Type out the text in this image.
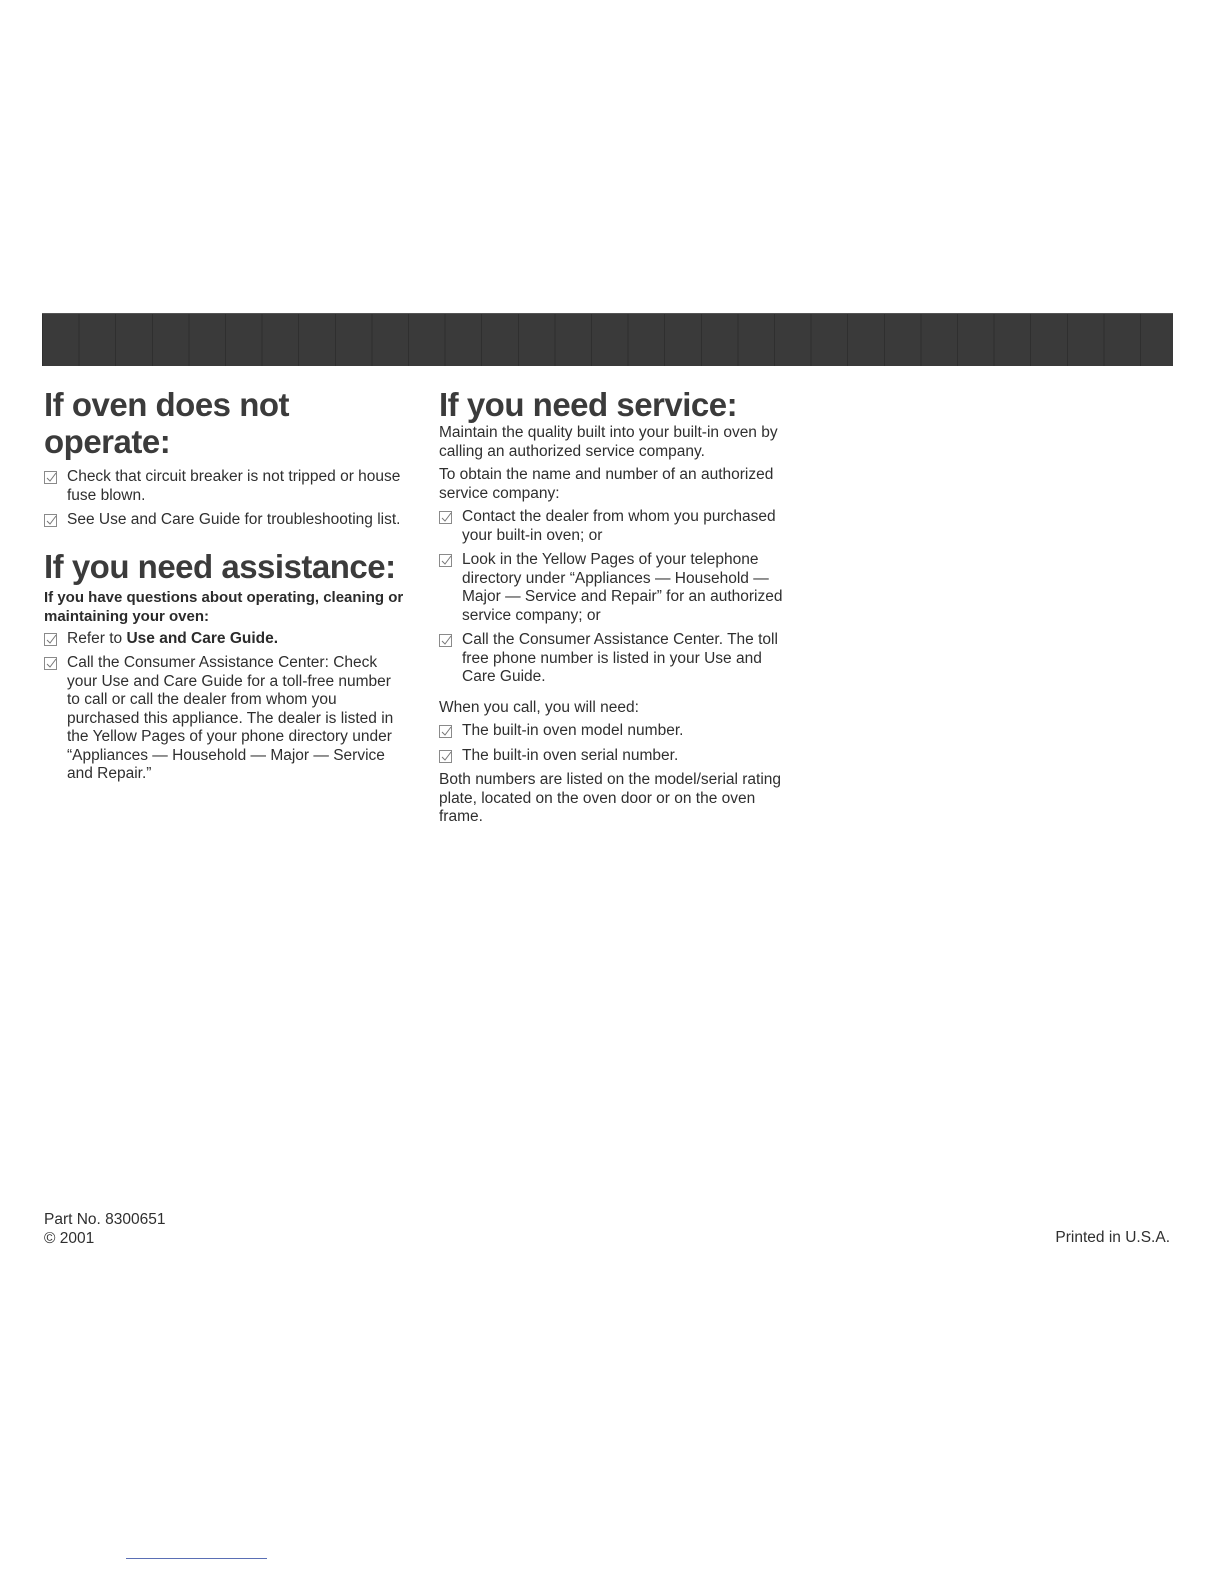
If oven does not operate:
Check that circuit breaker is not tripped or house fuse blown.
See Use and Care Guide for troubleshooting list.
If you need assistance:
If you have questions about operating, cleaning or maintaining your oven:
Refer to Use and Care Guide.
Call the Consumer Assistance Center: Check your Use and Care Guide for a toll-free number to call or call the dealer from whom you purchased this appliance. The dealer is listed in the Yellow Pages of your phone directory under “Appliances — Household — Major — Service and Repair.”
If you need service:

Maintain the quality built into your built-in oven by calling an authorized service company.

To obtain the name and number of an authorized service company:

Contact the dealer from whom you purchased your built-in oven; or
Look in the Yellow Pages of your telephone directory under “Appliances — Household — Major — Service and Repair” for an authorized service company; or
Call the Consumer Assistance Center. The toll free phone number is listed in your Use and Care Guide.

When you call, you will need:

The built-in oven model number.
The built-in oven serial number.

Both numbers are listed on the model/serial rating plate, located on the oven door or on the oven frame.

Part No. 8300651
© 2001	Printed in U.S.A.
